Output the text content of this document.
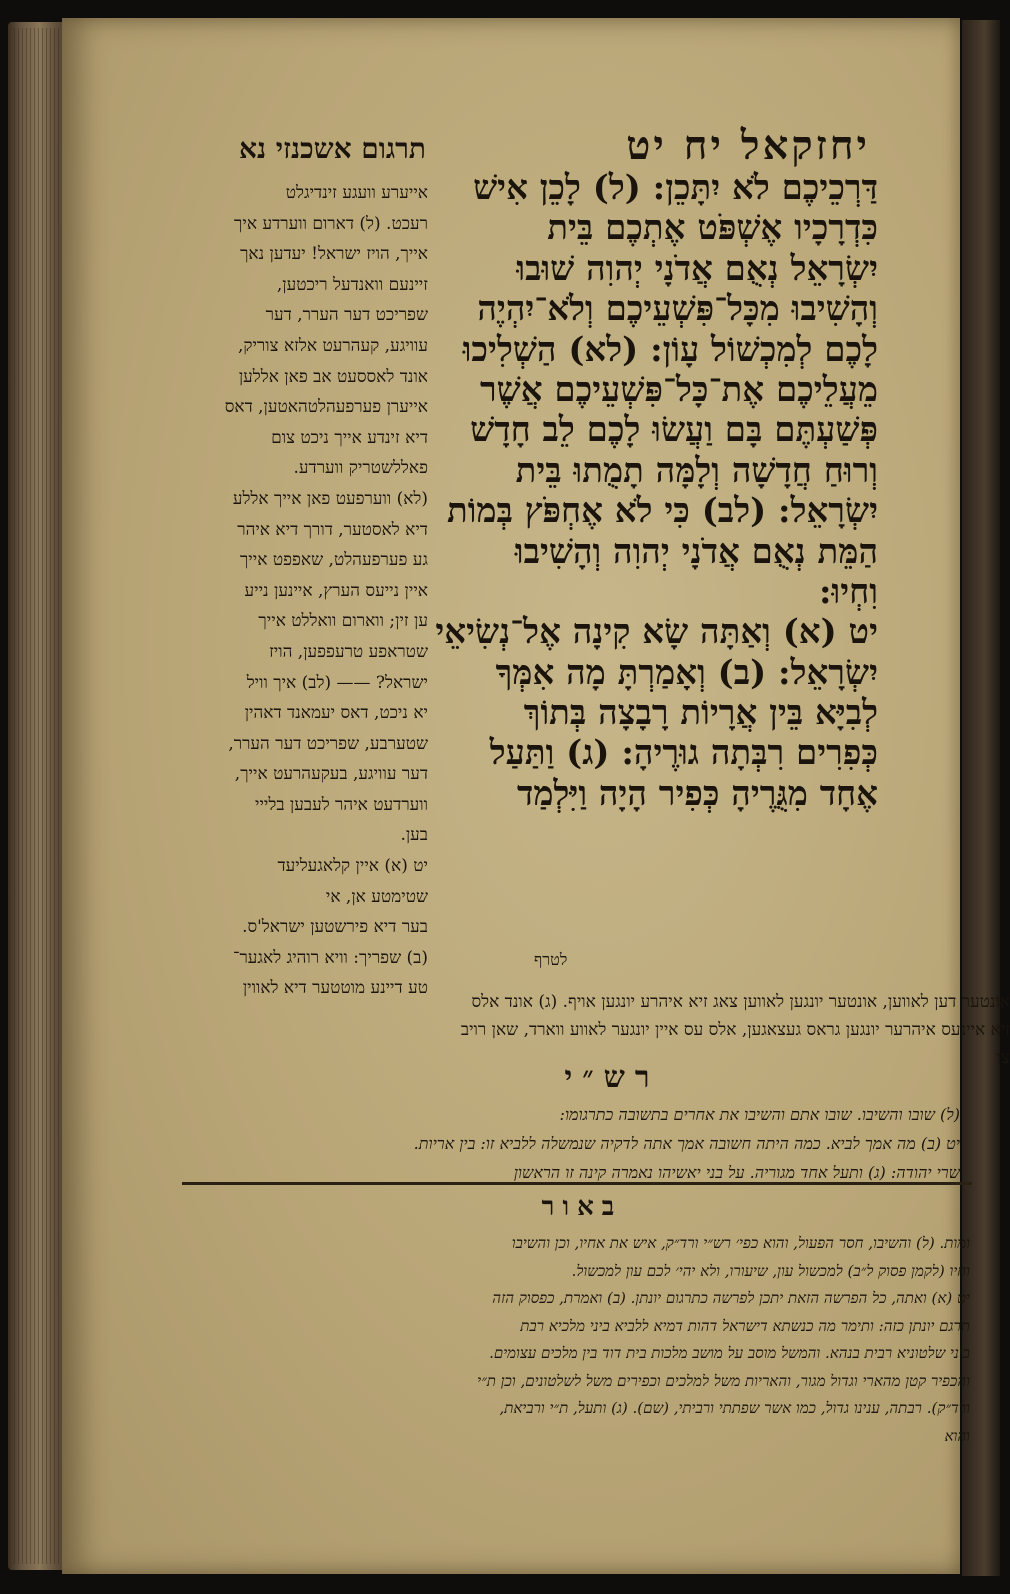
יחזקאל יח יט
תרגום אשכנזי נא
דַּרְכֵיכֶם לֹא יִתָּכֵן: (ל) לָכֵן אִישׁ
כִּדְרָכָיו אֶשְׁפֹּט אֶתְכֶם בֵּית
יִשְׂרָאֵל נְאֻם אֲדֹנָי יְהוִה שׁוּבוּ
וְהָשִׁיבוּ מִכָּל־פִּשְׁעֵיכֶם וְלֹא־יִהְיֶה
לָכֶם לְמִכְשׁוֹל עָוֹן: (לא) הַשְׁלִיכוּ
מֵעֲלֵיכֶם אֶת־כָּל־פִּשְׁעֵיכֶם אֲשֶׁר
פְּשַׁעְתֶּם בָּם וַעֲשׂוּ לָכֶם לֵב חָדָשׁ
וְרוּחַ חֲדָשָׁה וְלָמָּה תָמֻתוּ בֵּית
יִשְׂרָאֵל: (לב) כִּי לֹא אֶחְפֹּץ בְּמוֹת
הַמֵּת נְאֻם אֲדֹנָי יְהוִה וְהָשִׁיבוּ
וִחְיוּ:
יט (א) וְאַתָּה שָׂא קִינָה אֶל־נְשִׂיאֵי
יִשְׂרָאֵל: (ב) וְאָמַרְתָּ מָה אִמְּךָ
לְבִיָּא בֵּין אֲרָיוֹת רָבָצָה בְּתוֹךְ
כְּפִרִים רִבְּתָה גוּרֶיהָ: (ג) וַתַּעַל
אֶחָד מִגֻּרֶיהָ כְּפִיר הָיָה וַיִּלְמַד
אייערע וועגע זינדיגלט
רעכט. (ל) דארום ווערדע איך
אייך, הויז ישראל! יעדען נאך
זיינעם וואנדעל ריכטען,
שפריכט דער הערר, דער
עוויגע, קעהרעט אלזא צוריק,
אונד לאססעט אב פאן אללען
אייערן פערפעהלטהאטען, דאס
דיא זינדע אייך ניכט צום
פאללשטריק ווערדע.
(לא) ווערפעט פאן אייך אללע
דיא לאסטער, דורך דיא איהר
גע פערפעהלט, שאפפט אייך
איין נייעס הערץ, איינען נייע
ען זין; ווארום וואללט אייך
שטראפע טרעפפען, הויז
ישראל? —— (לב) איך וויל
יא ניכט, דאס יעמאנד דאהין
שטערבע, שפריכט דער הערר,
דער עוויגע, בעקעהרעט אייך,
ווערדעט איהר לעבען בלייי
בען.
יט (א) איין קלאגעליעד
שטימטע אן, אי
בער דיא פירשטען ישראל'ס.
(ב) שפריך: וויא רוהיג לאגער־
טע דיינע מוטטער דיא לאווין
לטרף
אונטער דען לאווען, אונטער יונגען לאווען צאג זיא איהרע יונגען אויף. (ג) אונד אלס
זיא איינעס איהרער יונגען גראס געצאגען, אלס עס איין יונגער לאווע ווארד, שאן רויב
צו
רש״י
(ל) שובו והשיבו. שובו אתם והשיבו את אחרים בתשובה כתרגומו:
יט (ב) מה אמך לביא. כמה היתה חשובה אמך אתה לדקיה שנמשלה ללביא זו: בין אריות.
שרי יהודה: (ג) ותעל אחד מגוריה. על בני יאשיהו נאמרה קינה זו הראשון
באור
ומות. (ל) והשיבו, חסר הפעול, והוא כפי׳ רש״י ורד״ק, איש את אחיו, וכן והשיבו
וחיו (לקמן פסוק ל״ב) למכשול עון, שיעורו, ולא יהי׳ לכם עון למכשול.
יט (א) ואתה, כל הפרשה הזאת יתכן לפרשה כתרגום יונתן. (ב) ואמרת, כפסוק הזה
תרגם יונתן כזה: ותימר מה כנשתא דישראל דהות דמיא ללביא ביני מלכיא רבת
ביני שלטוניא רבית בנהא. והמשל מוסב על מושב מלכות בית דוד בין מלכים עצומים.
והכפיר קטן מהארי וגדול מגור, והאריות משל למלכים וכפירים משל לשלטונים, וכן ת״י
ורד״ק). רבתה, ענינו גדול, כמו אשר שפתתי ורביתי, (שם). (ג) ותעל, ת״י ורביאת,
והוא
